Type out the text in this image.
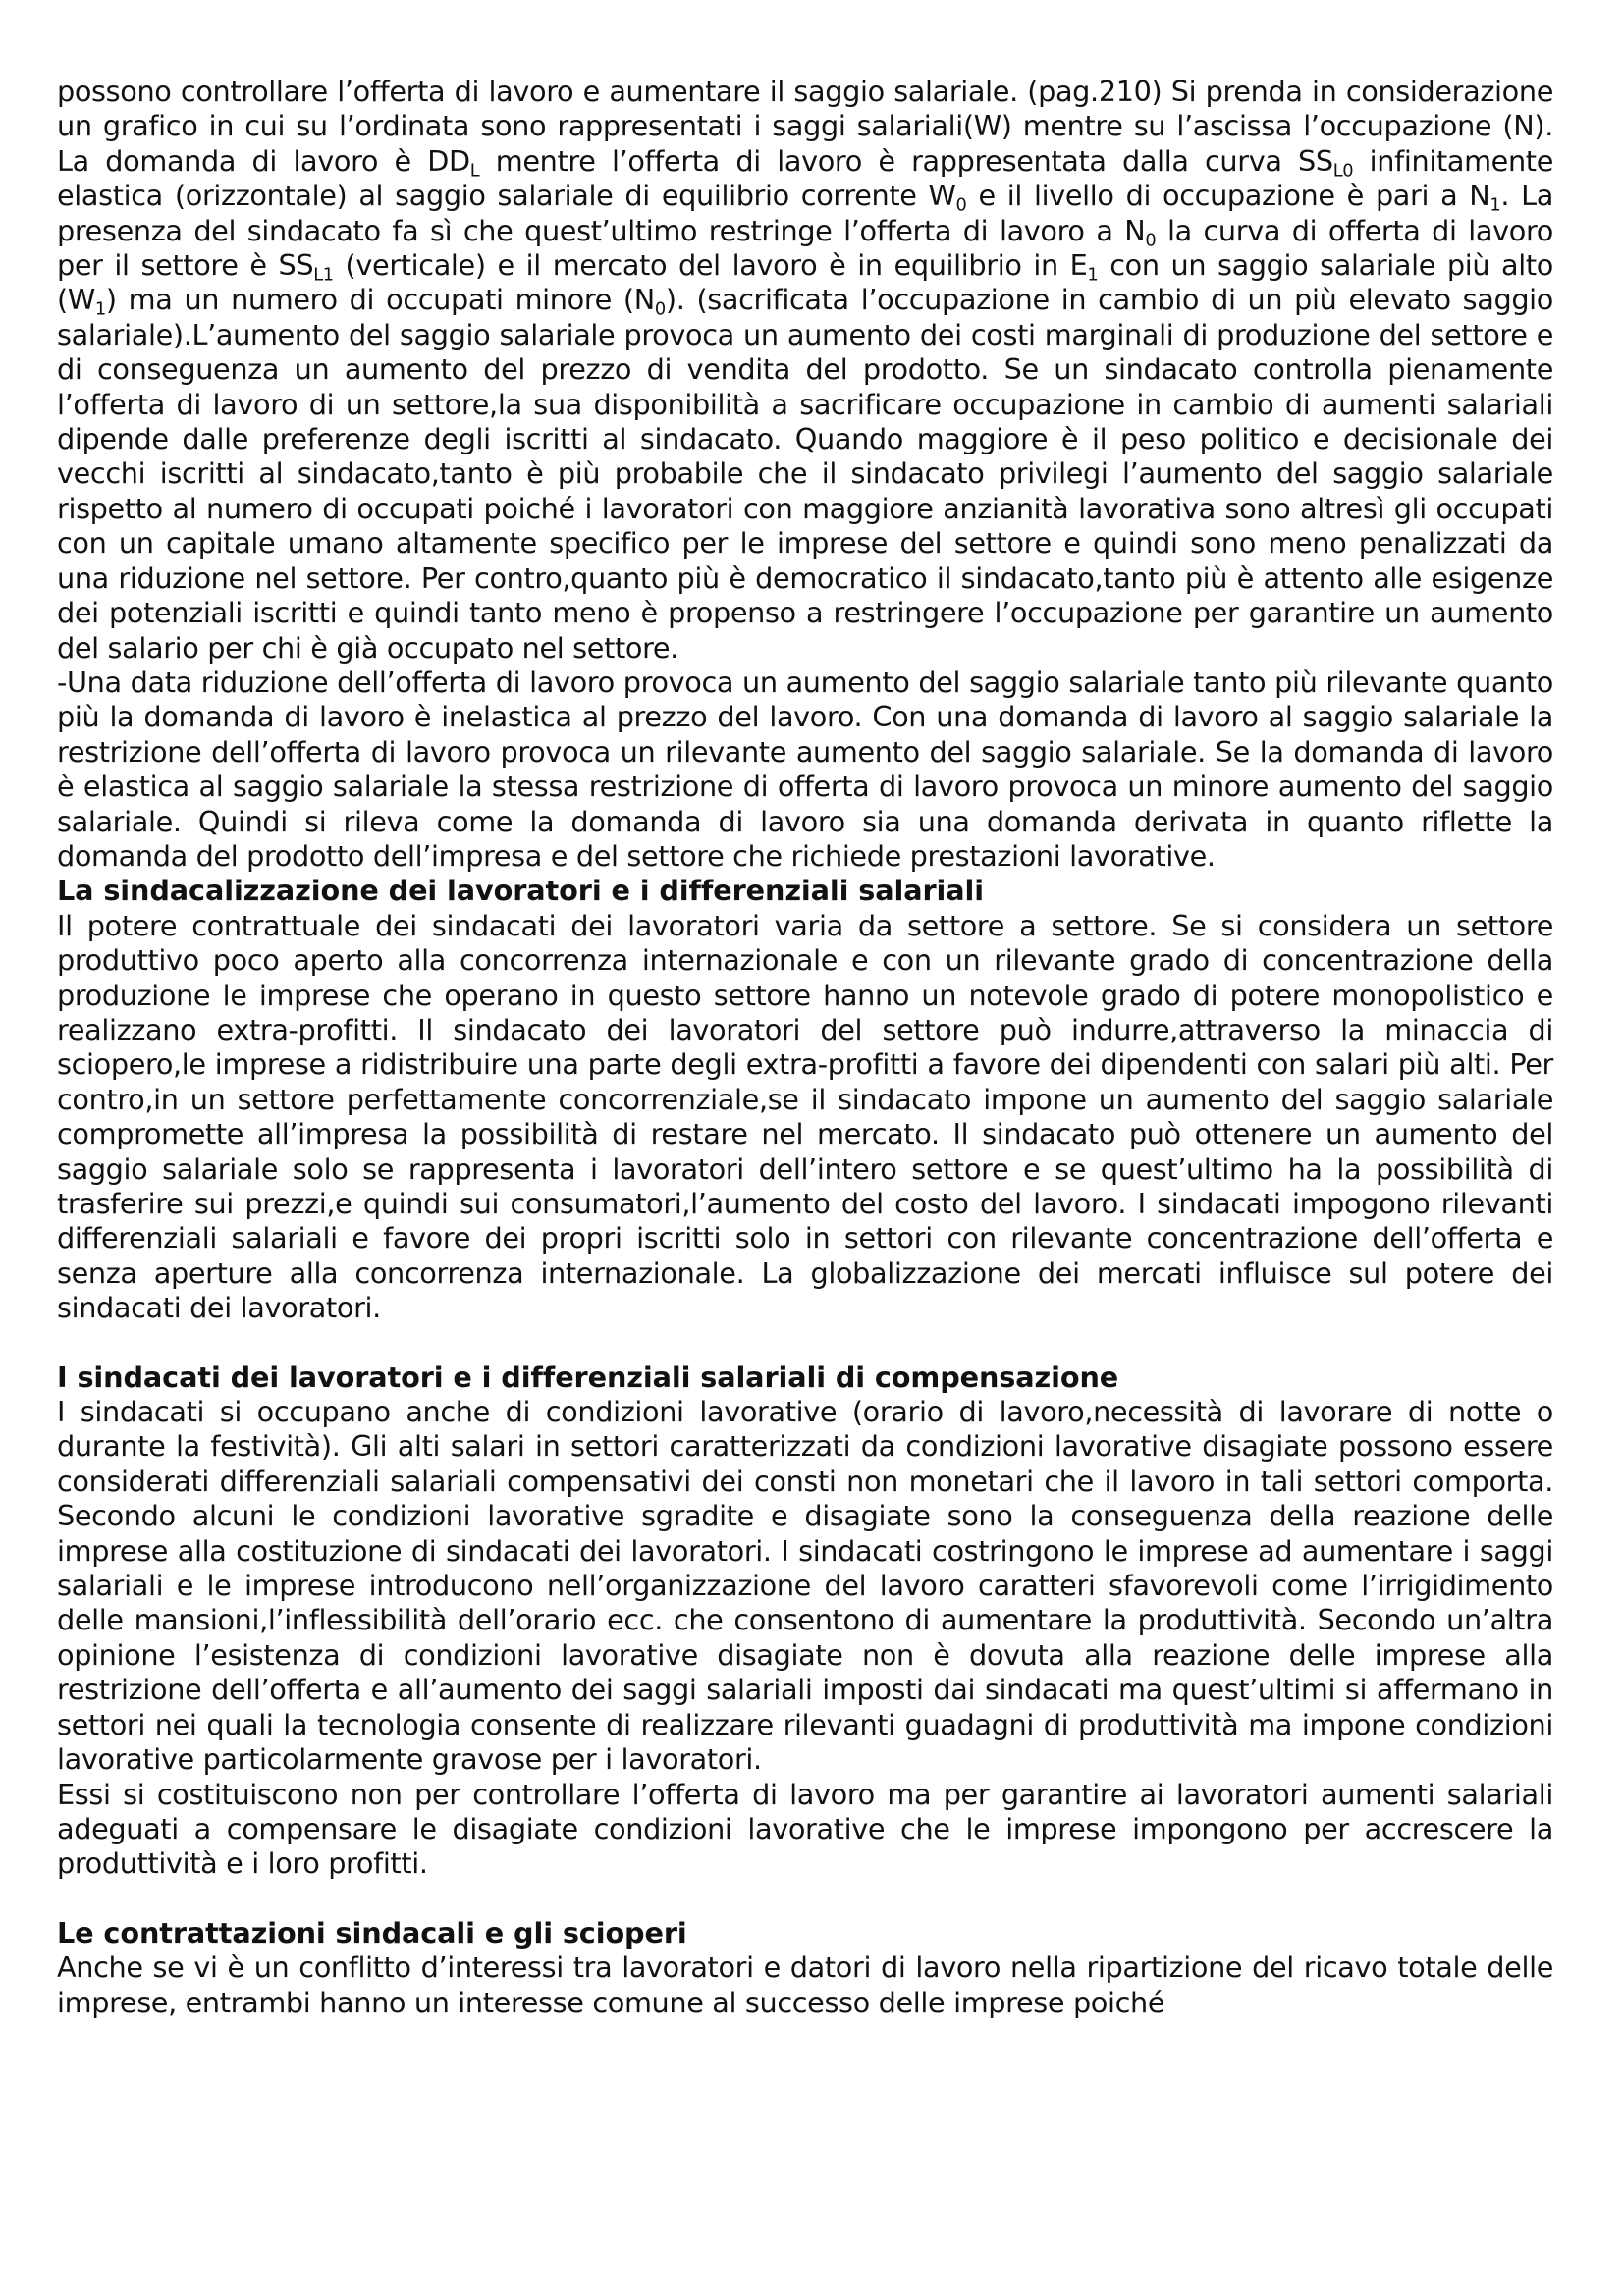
possono controllare l’offerta di lavoro e aumentare il saggio salariale. (pag.210) Si prenda in considerazione un grafico in cui su l’ordinata sono rappresentati i saggi salariali(W) mentre su l’ascissa l’occupazione (N). La domanda di lavoro è $DD_L$ mentre l’offerta di lavoro è rappresentata dalla curva $SS_{L0}$ infinitamente elastica (orizzontale) al saggio salariale di equilibrio corrente $W_0$ e il livello di occupazione è pari a $N_1$. La presenza del sindacato fa sì che quest’ultimo restringe l’offerta di lavoro a $N_0$ la curva di offerta di lavoro per il settore è $SS_{L1}$ (verticale) e il mercato del lavoro è in equilibrio in $E_1$ con un saggio salariale più alto $(W_1)$ ma un numero di occupati minore $(N_0)$. (sacrificata l’occupazione in cambio di un più elevato saggio salariale).L’aumento del saggio salariale provoca un aumento dei costi marginali di produzione del settore e di conseguenza un aumento del prezzo di vendita del prodotto. Se un sindacato controlla pienamente l’offerta di lavoro di un settore,la sua disponibilità a sacrificare occupazione in cambio di aumenti salariali dipende dalle preferenze degli iscritti al sindacato. Quando maggiore è il peso politico e decisionale dei vecchi iscritti al sindacato,tanto è più probabile che il sindacato privilegi l’aumento del saggio salariale rispetto al numero di occupati poiché i lavoratori con maggiore anzianità lavorativa sono altresì gli occupati con un capitale umano altamente specifico per le imprese del settore e quindi sono meno penalizzati da una riduzione nel settore. Per contro,quanto più è democratico il sindacato,tanto più è attento alle esigenze dei potenziali iscritti e quindi tanto meno è propenso a restringere l’occupazione per garantire un aumento del salario per chi è già occupato nel settore.

-Una data riduzione dell’offerta di lavoro provoca un aumento del saggio salariale tanto più rilevante quanto più la domanda di lavoro è inelastica al prezzo del lavoro. Con una domanda di lavoro al saggio salariale la restrizione dell’offerta di lavoro provoca un rilevante aumento del saggio salariale. Se la domanda di lavoro è elastica al saggio salariale la stessa restrizione di offerta di lavoro provoca un minore aumento del saggio salariale. Quindi si rileva come la domanda di lavoro sia una domanda derivata in quanto riflette la domanda del prodotto dell’impresa e del settore che richiede prestazioni lavorative.

La sindacalizzazione dei lavoratori e i differenziali salariali

Il potere contrattuale dei sindacati dei lavoratori varia da settore a settore. Se si considera un settore produttivo poco aperto alla concorrenza internazionale e con un rilevante grado di concentrazione della produzione le imprese che operano in questo settore hanno un notevole grado di potere monopolistico e realizzano extra-profitti. Il sindacato dei lavoratori del settore può indurre,attraverso la minaccia di sciopero,le imprese a ridistribuire una parte degli extra-profitti a favore dei dipendenti con salari più alti. Per contro,in un settore perfettamente concorrenziale,se il sindacato impone un aumento del saggio salariale compromette all’impresa la possibilità di restare nel mercato. Il sindacato può ottenere un aumento del saggio salariale solo se rappresenta i lavoratori dell’intero settore e se quest’ultimo ha la possibilità di trasferire sui prezzi,e quindi sui consumatori,l’aumento del costo del lavoro. I sindacati impogono rilevanti differenziali salariali e favore dei propri iscritti solo in settori con rilevante concentrazione dell’offerta e senza aperture alla concorrenza internazionale. La globalizzazione dei mercati influisce sul potere dei sindacati dei lavoratori.

I sindacati dei lavoratori e i differenziali salariali di compensazione

I sindacati si occupano anche di condizioni lavorative (orario di lavoro,necessità di lavorare di notte o durante la festività). Gli alti salari in settori caratterizzati da condizioni lavorative disagiate possono essere considerati differenziali salariali compensativi dei consti non monetari che il lavoro in tali settori comporta. Secondo alcuni le condizioni lavorative sgradite e disagiate sono la conseguenza della reazione delle imprese alla costituzione di sindacati dei lavoratori. I sindacati costringono le imprese ad aumentare i saggi salariali e le imprese introducono nell’organizzazione del lavoro caratteri sfavorevoli come l’irrigidimento delle mansioni,l’inflessibilità dell’orario ecc. che consentono di aumentare la produttività. Secondo un’altra opinione l’esistenza di condizioni lavorative disagiate non è dovuta alla reazione delle imprese alla restrizione dell’offerta e all’aumento dei saggi salariali imposti dai sindacati ma quest’ultimi si affermano in settori nei quali la tecnologia consente di realizzare rilevanti guadagni di produttività ma impone condizioni lavorative particolarmente gravose per i lavoratori.

Essi si costituiscono non per controllare l’offerta di lavoro ma per garantire ai lavoratori aumenti salariali adeguati a compensare le disagiate condizioni lavorative che le imprese impongono per accrescere la produttività e i loro profitti.

Le contrattazioni sindacali e gli scioperi

Anche se vi è un conflitto d’interessi tra lavoratori e datori di lavoro nella ripartizione del ricavo totale delle imprese, entrambi hanno un interesse comune al successo delle imprese poiché
